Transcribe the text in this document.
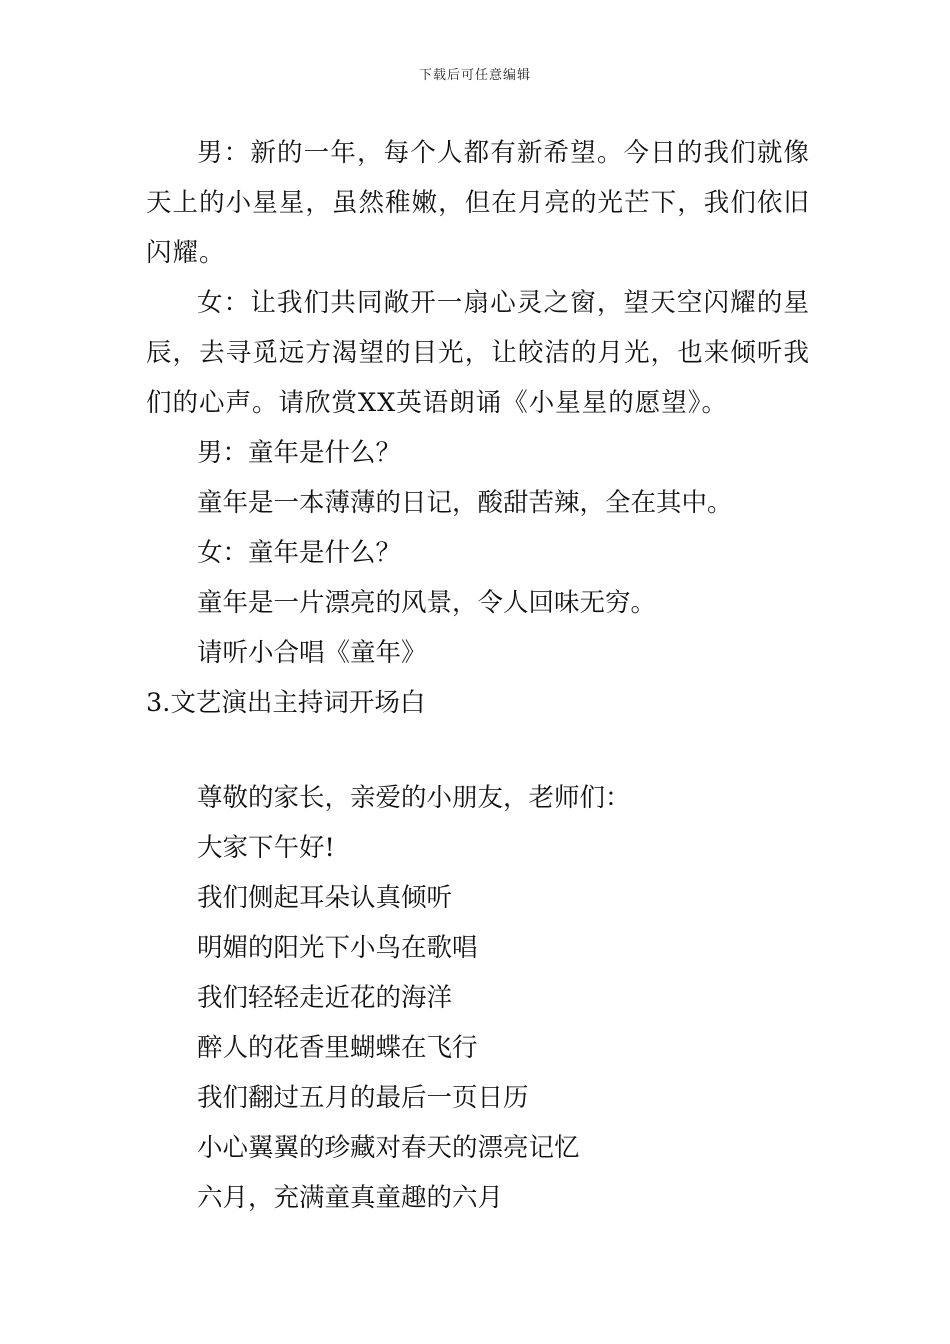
下载后可任意编辑
男：新的一年，每个人都有新希望。今日的我们就像天上的小星星，虽然稚嫩，但在月亮的光芒下，我们依旧闪耀。
女：让我们共同敞开一扇心灵之窗，望天空闪耀的星辰，去寻觅远方渴望的目光，让皎洁的月光，也来倾听我们的心声。请欣赏XX英语朗诵《小星星的愿望》。
男：童年是什么？
童年是一本薄薄的日记，酸甜苦辣，全在其中。
女：童年是什么？
童年是一片漂亮的风景，令人回味无穷。
请听小合唱《童年》
3.文艺演出主持词开场白
尊敬的家长，亲爱的小朋友，老师们：
大家下午好!
我们侧起耳朵认真倾听
明媚的阳光下小鸟在歌唱
我们轻轻走近花的海洋
醉人的花香里蝴蝶在飞行
我们翻过五月的最后一页日历
小心翼翼的珍藏对春天的漂亮记忆
六月，充满童真童趣的六月
